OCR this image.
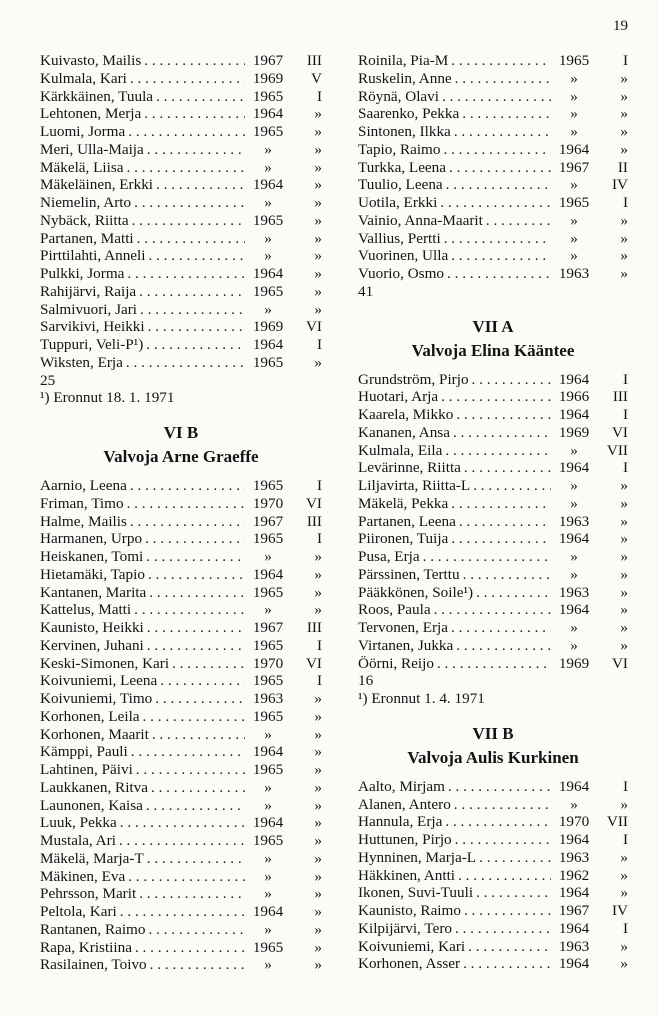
19
Kuivasto, Mailis . . .	1967	III
Kulmala, Kari . . .	1969	V
Kärkkäinen, Tuula . . .	1965	I
Lehtonen, Merja . . .	1964	»
Luomi, Jorma . . .	1965	»
Meri, Ulla-Maija . . .	»	»
Mäkelä, Liisa . . .	»	»
Mäkeläinen, Erkki . . .	1964	»
Niemelin, Arto . . .	»	»
Nybäck, Riitta . . .	1965	»
Partanen, Matti . . .	»	»
Pirttilahti, Anneli . . .	»	»
Pulkki, Jorma . . .	1964	»
Rahijärvi, Raija . . .	1965	»
Salmivuori, Jari . . .	»	»
Sarvikivi, Heikki . . .	1969	VI
Tuppuri, Veli-P¹) . . .	1964	I
Wiksten, Erja . . .	1965	»
25
¹) Eronnut 18. 1. 1971
VI B
Valvoja Arne Graeffe
Aarnio, Leena . . .	1965	I
Friman, Timo . . .	1970	VI
Halme, Mailis . . .	1967	III
Harmanen, Urpo . . .	1965	I
Heiskanen, Tomi . . .	»	»
Hietamäki, Tapio . . .	1964	»
Kantanen, Marita . . .	1965	»
Kattelus, Matti . . .	»	»
Kaunisto, Heikki . . .	1967	III
Kervinen, Juhani . . .	1965	I
Keski-Simonen, Kari . . .	1970	VI
Koivuniemi, Leena . . .	1965	I
Koivuniemi, Timo . . .	1963	»
Korhonen, Leila . . .	1965	»
Korhonen, Maarit . . .	»	»
Kämppi, Pauli . . .	1964	»
Lahtinen, Päivi . . .	1965	»
Laukkanen, Ritva . . .	»	»
Launonen, Kaisa . . .	»	»
Luuk, Pekka . . .	1964	»
Mustala, Ari . . .	1965	»
Mäkelä, Marja-T . . .	»	»
Mäkinen, Eva . . .	»	»
Pehrsson, Marit . . .	»	»
Peltola, Kari . . .	1964	»
Rantanen, Raimo . . .	»	»
Rapa, Kristiina . . .	1965	»
Rasilainen, Toivo . . .	»	»
Roinila, Pia-M . . .	1965	I
Ruskelin, Anne . . .	»	»
Röynä, Olavi . . .	»	»
Saarenko, Pekka . . .	»	»
Sintonen, Ilkka . . .	»	»
Tapio, Raimo . . .	1964	»
Turkka, Leena . . .	1967	II
Tuulio, Leena . . .	»	IV
Uotila, Erkki . . .	1965	I
Vainio, Anna-Maarit . . .	»	»
Vallius, Pertti . . .	»	»
Vuorinen, Ulla . . .	»	»
Vuorio, Osmo . . .	1963	»
41
VII A
Valvoja Elina Kääntee
Grundström, Pirjo . . .	1964	I
Huotari, Arja . . .	1966	III
Kaarela, Mikko . . .	1964	I
Kananen, Ansa . . .	1969	VI
Kulmala, Eila . . .	»	VII
Levärinne, Riitta . . .	1964	I
Liljavirta, Riitta-L . . .	»	»
Mäkelä, Pekka . . .	»	»
Partanen, Leena . . .	1963	»
Piironen, Tuija . . .	1964	»
Pusa, Erja . . .	»	»
Pärssinen, Terttu . . .	»	»
Pääkkönen, Soile¹) . . .	1963	»
Roos, Paula . . .	1964	»
Tervonen, Erja . . .	»	»
Virtanen, Jukka . . .	»	»
Öörni, Reijo . . .	1969	VI
16
¹) Eronnut 1. 4. 1971
VII B
Valvoja Aulis Kurkinen
Aalto, Mirjam . . .	1964	I
Alanen, Antero . . .	»	»
Hannula, Erja . . .	1970	VII
Huttunen, Pirjo . . .	1964	I
Hynninen, Marja-L . . .	1963	»
Häkkinen, Antti . . .	1962	»
Ikonen, Suvi-Tuuli . . .	1964	»
Kaunisto, Raimo . . .	1967	IV
Kilpijärvi, Tero . . .	1964	I
Koivuniemi, Kari . . .	1963	»
Korhonen, Asser . . .	1964	»
